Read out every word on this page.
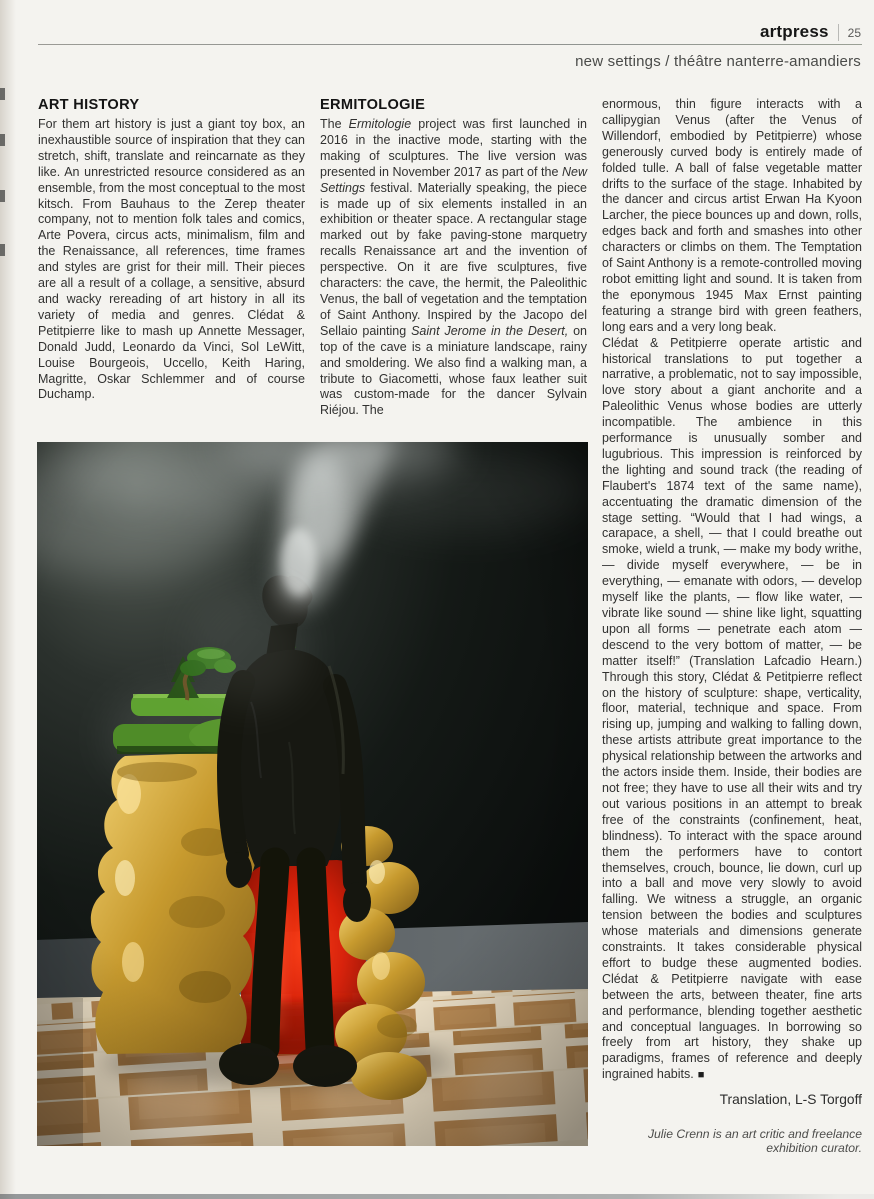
artpress 25
new settings / théâtre nanterre-amandiers
ART HISTORY

For them art history is just a giant toy box, an inexhaustible source of inspiration that they can stretch, shift, translate and reincarnate as they like. An unrestricted resource considered as an ensemble, from the most conceptual to the most kitsch. From Bauhaus to the Zerep theater company, not to mention folk tales and comics, Arte Povera, circus acts, minimalism, film and the Renaissance, all references, time frames and styles are grist for their mill. Their pieces are all a result of a collage, a sensitive, absurd and wacky rereading of art history in all its variety of media and genres. Clédat & Petitpierre like to mash up Annette Messager, Donald Judd, Leonardo da Vinci, Sol LeWitt, Louise Bourgeois, Uccello, Keith Haring, Magritte, Oskar Schlemmer and of course Duchamp.

ERMITOLOGIE

The Ermitologie project was first launched in 2016 in the inactive mode, starting with the making of sculptures. The live version was presented in November 2017 as part of the New Settings festival. Materially speaking, the piece is made up of six elements installed in an exhibition or theater space. A rectangular stage marked out by fake paving-stone marquetry recalls Renaissance art and the invention of perspective. On it are five sculptures, five characters: the cave, the hermit, the Paleolithic Venus, the ball of vegetation and the temptation of Saint Anthony. Inspired by the Jacopo del Sellaio painting Saint Jerome in the Desert, on top of the cave is a miniature landscape, rainy and smoldering. We also find a walking man, a tribute to Giacometti, whose faux leather suit was custom-made for the dancer Sylvain Riéjou. The

enormous, thin figure interacts with a callipygian Venus (after the Venus of Willendorf, embodied by Petitpierre) whose generously curved body is entirely made of folded tulle. A ball of false vegetable matter drifts to the surface of the stage. Inhabited by the dancer and circus artist Erwan Ha Kyoon Larcher, the piece bounces up and down, rolls, edges back and forth and smashes into other characters or climbs on them. The Temptation of Saint Anthony is a remote-controlled moving robot emitting light and sound. It is taken from the eponymous 1945 Max Ernst painting featuring a strange bird with green feathers, long ears and a very long beak.

Clédat & Petitpierre operate artistic and historical translations to put together a narrative, a problematic, not to say impossible, love story about a giant anchorite and a Paleolithic Venus whose bodies are utterly incompatible. The ambience in this performance is unusually somber and lugubrious. This impression is reinforced by the lighting and sound track (the reading of Flaubert's 1874 text of the same name), accentuating the dramatic dimension of the stage setting. “Would that I had wings, a carapace, a shell, — that I could breathe out smoke, wield a trunk, — make my body writhe, — divide myself everywhere, — be in everything, — emanate with odors, — develop myself like the plants, — flow like water, — vibrate like sound — shine like light, squatting upon all forms — penetrate each atom — descend to the very bottom of matter, — be matter itself!” (Translation Lafcadio Hearn.) Through this story, Clédat & Petitpierre reflect on the history of sculpture: shape, verticality, floor, material, technique and space. From rising up, jumping and walking to falling down, these artists attribute great importance to the physical relationship between the artworks and the actors inside them. Inside, their bodies are not free; they have to use all their wits and try out various positions in an attempt to break free of the constraints (confinement, heat, blindness). To interact with the space around them the performers have to contort themselves, crouch, bounce, lie down, curl up into a ball and move very slowly to avoid falling. We witness a struggle, an organic tension between the bodies and sculptures whose materials and dimensions generate constraints. It takes considerable physical effort to budge these augmented bodies. Clédat & Petitpierre navigate with ease between the arts, between theater, fine arts and performance, blending together aesthetic and conceptual languages. In borrowing so freely from art history, they shake up paradigms, frames of reference and deeply ingrained habits. ■

Translation, L-S Torgoff
Julie Crenn is an art critic and freelance exhibition curator.
